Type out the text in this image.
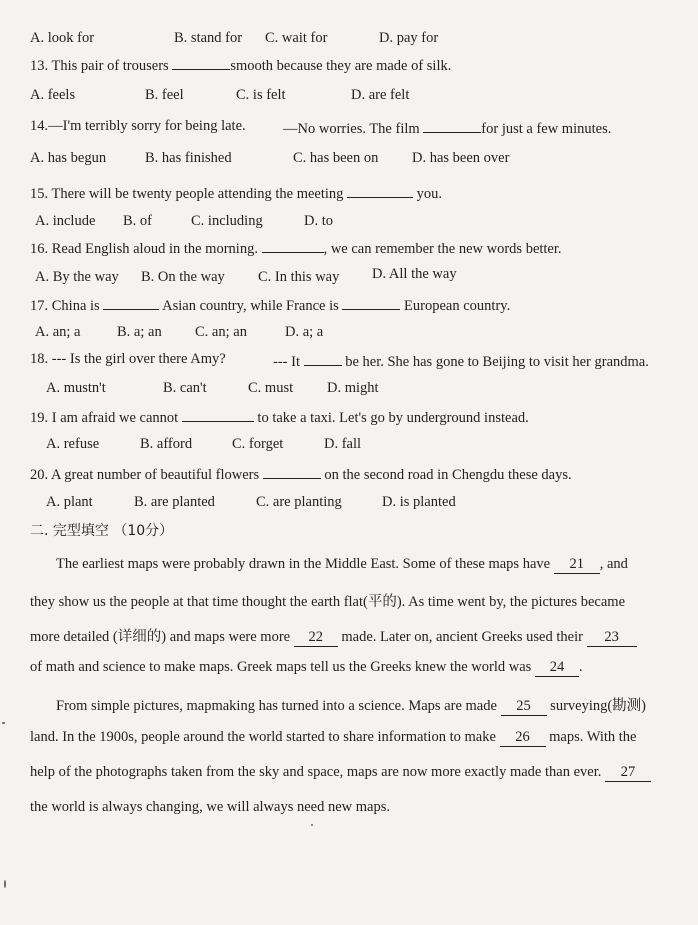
A. look for	B. stand for C. wait for	D. pay for
13. This pair of trousers	smooth because they are made of silk.
A. feels	B. feel	C. is felt	D. are felt
14.—I'm terribly sorry for being late.	—No worries. The film	for just a few minutes.
A. has begun	B. has finished	C. has been on D. has been over
15. There will be twenty people attending the meeting	you.
A. include B. of	C. including	D. to
16. Read English aloud in the morning.	, we can remember the new words better.
A. By the way B. On the way C. In this way D. All the way
17. China is	Asian country, while France is	European country.
A. an; a	B. a; an C. an; an	D. a; a
18. --- Is the girl over there Amy?	--- It	be her. She has gone to Beijing to visit her grandma.
A. mustn't	B. can't	C. must D. might
19. I am afraid we cannot	to take a taxi. Let's go by underground instead.
A. refuse	B. afford	C. forget	D. fall
20. A great number of beautiful flowers	on the second road in Chengdu these days.
A. plant	B. are planted	C. are planting	D. is planted
二. 完型填空 （10分）
The earliest maps were probably drawn in the Middle East. Some of these maps have 21 , and
they show us the people at that time thought the earth flat(平的). As time went by, the pictures became
more detailed (详细的) and maps were more 22 made. Later on, ancient Greeks used their 23
of math and science to make maps. Greek maps tell us the Greeks knew the world was 24 .
From simple pictures, mapmaking has turned into a science. Maps are made 25 surveying(勘测)
land. In the 1900s, people around the world started to share information to make 26 maps. With the
help of the photographs taken from the sky and space, maps are now more exactly made than ever. 27
the world is always changing, we will always need new maps.
